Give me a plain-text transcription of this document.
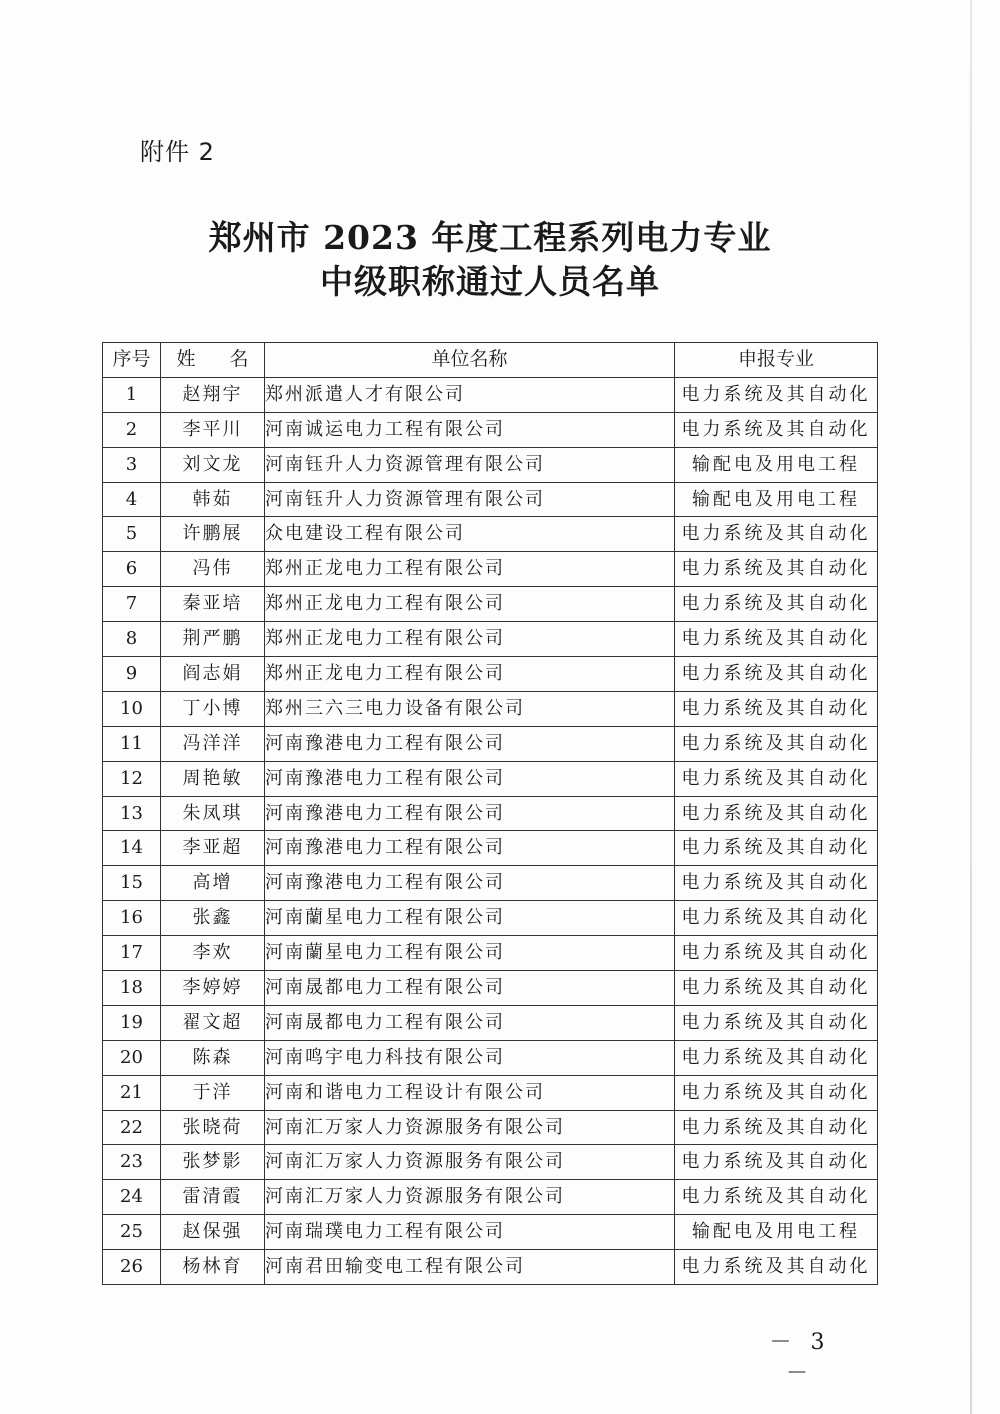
附件 2
郑州市 2023 年度工程系列电力专业
中级职称通过人员名单
序号	姓 名	单位名称	申报专业
1	赵翔宇	郑州派遣人才有限公司	电力系统及其自动化
2	李平川	河南诚运电力工程有限公司	电力系统及其自动化
3	刘文龙	河南钰升人力资源管理有限公司	输配电及用电工程
4	韩茹	河南钰升人力资源管理有限公司	输配电及用电工程
5	许鹏展	众电建设工程有限公司	电力系统及其自动化
6	冯伟	郑州正龙电力工程有限公司	电力系统及其自动化
7	秦亚培	郑州正龙电力工程有限公司	电力系统及其自动化
8	荆严鹏	郑州正龙电力工程有限公司	电力系统及其自动化
9	阎志娟	郑州正龙电力工程有限公司	电力系统及其自动化
10	丁小博	郑州三六三电力设备有限公司	电力系统及其自动化
11	冯洋洋	河南豫港电力工程有限公司	电力系统及其自动化
12	周艳敏	河南豫港电力工程有限公司	电力系统及其自动化
13	朱凤琪	河南豫港电力工程有限公司	电力系统及其自动化
14	李亚超	河南豫港电力工程有限公司	电力系统及其自动化
15	高增	河南豫港电力工程有限公司	电力系统及其自动化
16	张鑫	河南蘭星电力工程有限公司	电力系统及其自动化
17	李欢	河南蘭星电力工程有限公司	电力系统及其自动化
18	李婷婷	河南晟都电力工程有限公司	电力系统及其自动化
19	翟文超	河南晟都电力工程有限公司	电力系统及其自动化
20	陈森	河南鸣宇电力科技有限公司	电力系统及其自动化
21	于洋	河南和谐电力工程设计有限公司	电力系统及其自动化
22	张晓荷	河南汇万家人力资源服务有限公司	电力系统及其自动化
23	张梦影	河南汇万家人力资源服务有限公司	电力系统及其自动化
24	雷清霞	河南汇万家人力资源服务有限公司	电力系统及其自动化
25	赵保强	河南瑞璞电力工程有限公司	输配电及用电工程
26	杨林育	河南君田输变电工程有限公司	电力系统及其自动化
－ 3 －
